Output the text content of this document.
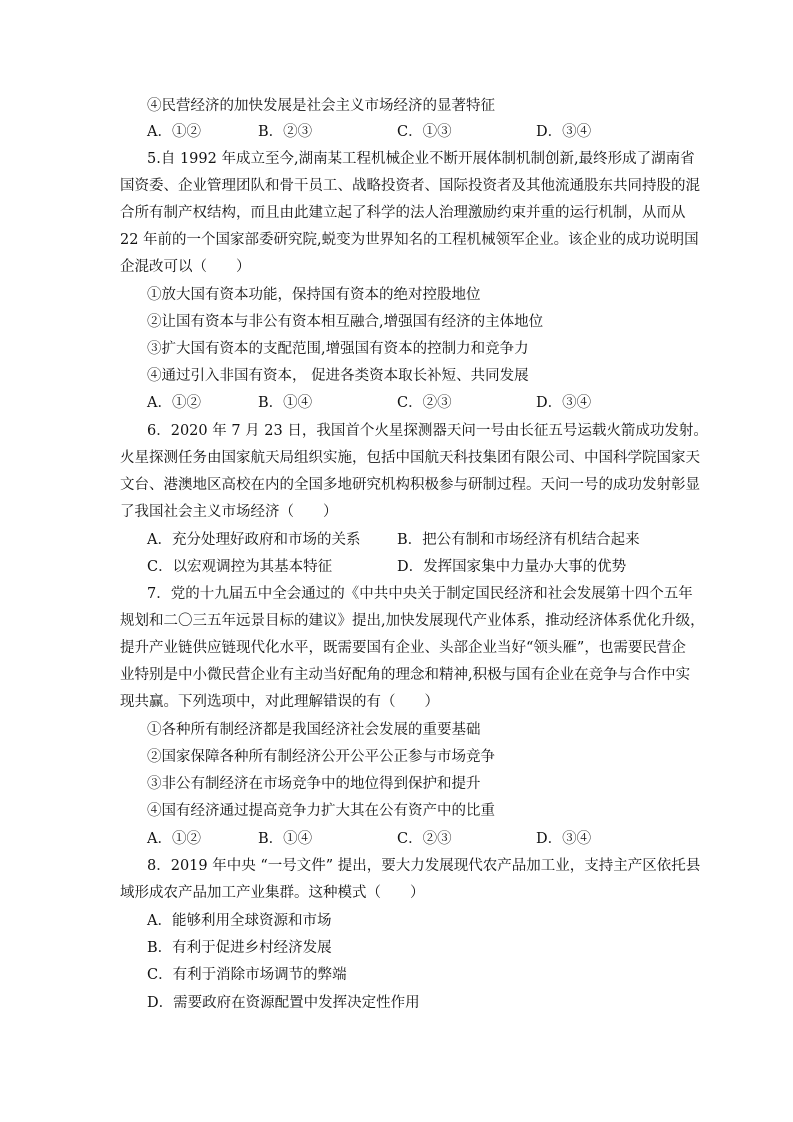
④民营经济的加快发展是社会主义市场经济的显著特征
A．①②	B．②③	C．①③	D．③④
5.自 1992 年成立至今,湖南某工程机械企业不断开展体制机制创新,最终形成了湖南省
国资委、企业管理团队和骨干员工、战略投资者、国际投资者及其他流通股东共同持股的混
合所有制产权结构，而且由此建立起了科学的法人治理激励约束并重的运行机制，从而从
22 年前的一个国家部委研究院,蜕变为世界知名的工程机械领军企业。该企业的成功说明国
企混改可以（　　）
①放大国有资本功能，保持国有资本的绝对控股地位
②让国有资本与非公有资本相互融合,增强国有经济的主体地位
③扩大国有资本的支配范围,增强国有资本的控制力和竞争力
④通过引入非国有资本， 促进各类资本取长补短、共同发展
A．①②	B．①④	C．②③	D．③④
6．2020 年 7 月 23 日，我国首个火星探测器天问一号由长征五号运载火箭成功发射。
火星探测任务由国家航天局组织实施，包括中国航天科技集团有限公司、中国科学院国家天
文台、港澳地区高校在内的全国多地研究机构积极参与研制过程。天问一号的成功发射彰显
了我国社会主义市场经济（　　）
A．充分处理好政府和市场的关系	B．把公有制和市场经济有机结合起来
C．以宏观调控为其基本特征	D．发挥国家集中力量办大事的优势
7．党的十九届五中全会通过的《中共中央关于制定国民经济和社会发展第十四个五年
规划和二〇三五年远景目标的建议》提出,加快发展现代产业体系，推动经济体系优化升级，
提升产业链供应链现代化水平，既需要国有企业、头部企业当好“领头雁”，也需要民营企
业特别是中小微民营企业有主动当好配角的理念和精神,积极与国有企业在竞争与合作中实
现共赢。下列选项中，对此理解错误的有（　　）
①各种所有制经济都是我国经济社会发展的重要基础
②国家保障各种所有制经济公开公平公正参与市场竞争
③非公有制经济在市场竞争中的地位得到保护和提升
④国有经济通过提高竞争力扩大其在公有资产中的比重
A．①②	B．①④	C．②③	D．③④
8．2019 年中央 “一号文件” 提出，要大力发展现代农产品加工业，支持主产区依托县
域形成农产品加工产业集群。这种模式（　　）
A．能够利用全球资源和市场
B．有利于促进乡村经济发展
C．有利于消除市场调节的弊端
D．需要政府在资源配置中发挥决定性作用
